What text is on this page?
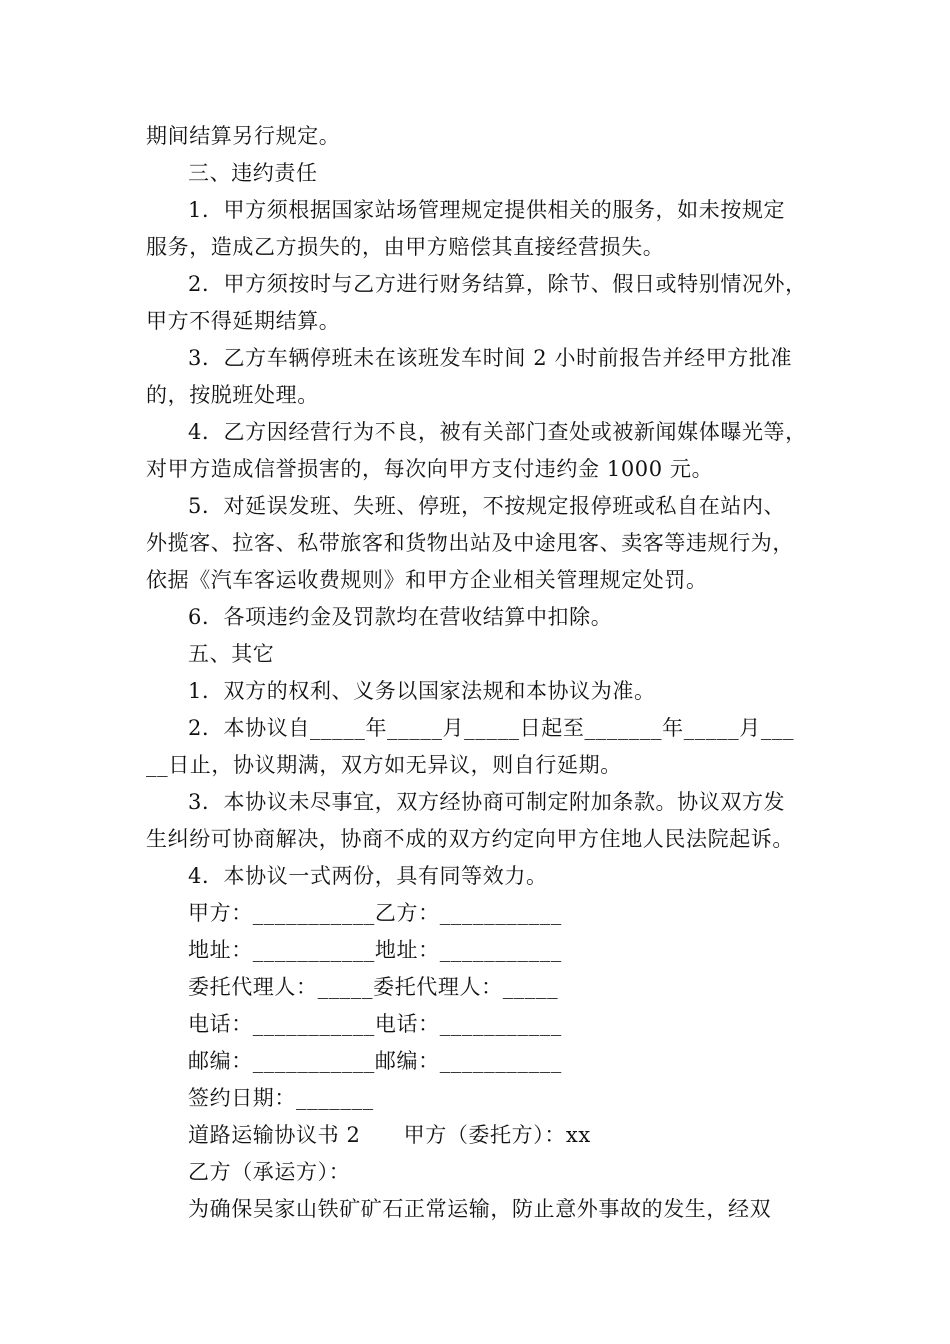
期间结算另行规定。
三、违约责任
1．甲方须根据国家站场管理规定提供相关的服务，如未按规定
服务，造成乙方损失的，由甲方赔偿其直接经营损失。
2．甲方须按时与乙方进行财务结算，除节、假日或特别情况外，
甲方不得延期结算。
3．乙方车辆停班未在该班发车时间 2 小时前报告并经甲方批准
的，按脱班处理。
4．乙方因经营行为不良，被有关部门查处或被新闻媒体曝光等，
对甲方造成信誉损害的，每次向甲方支付违约金 1000 元。
5．对延误发班、失班、停班，不按规定报停班或私自在站内、
外揽客、拉客、私带旅客和货物出站及中途甩客、卖客等违规行为，
依据《汽车客运收费规则》和甲方企业相关管理规定处罚。
6．各项违约金及罚款均在营收结算中扣除。
五、其它
1．双方的权利、义务以国家法规和本协议为准。
2．本协议自_____年_____月_____日起至_______年_____月___
__日止，协议期满，双方如无异议，则自行延期。
3．本协议未尽事宜，双方经协商可制定附加条款。协议双方发
生纠纷可协商解决，协商不成的双方约定向甲方住地人民法院起诉。
4．本协议一式两份，具有同等效力。
甲方：___________乙方：___________
地址：___________地址：___________
委托代理人：_____委托代理人：_____
电话：___________电话：___________
邮编：___________邮编：___________
签约日期：_______
道路运输协议书 2　　甲方（委托方）：xx
乙方（承运方）：
为确保吴家山铁矿矿石正常运输，防止意外事故的发生，经双
